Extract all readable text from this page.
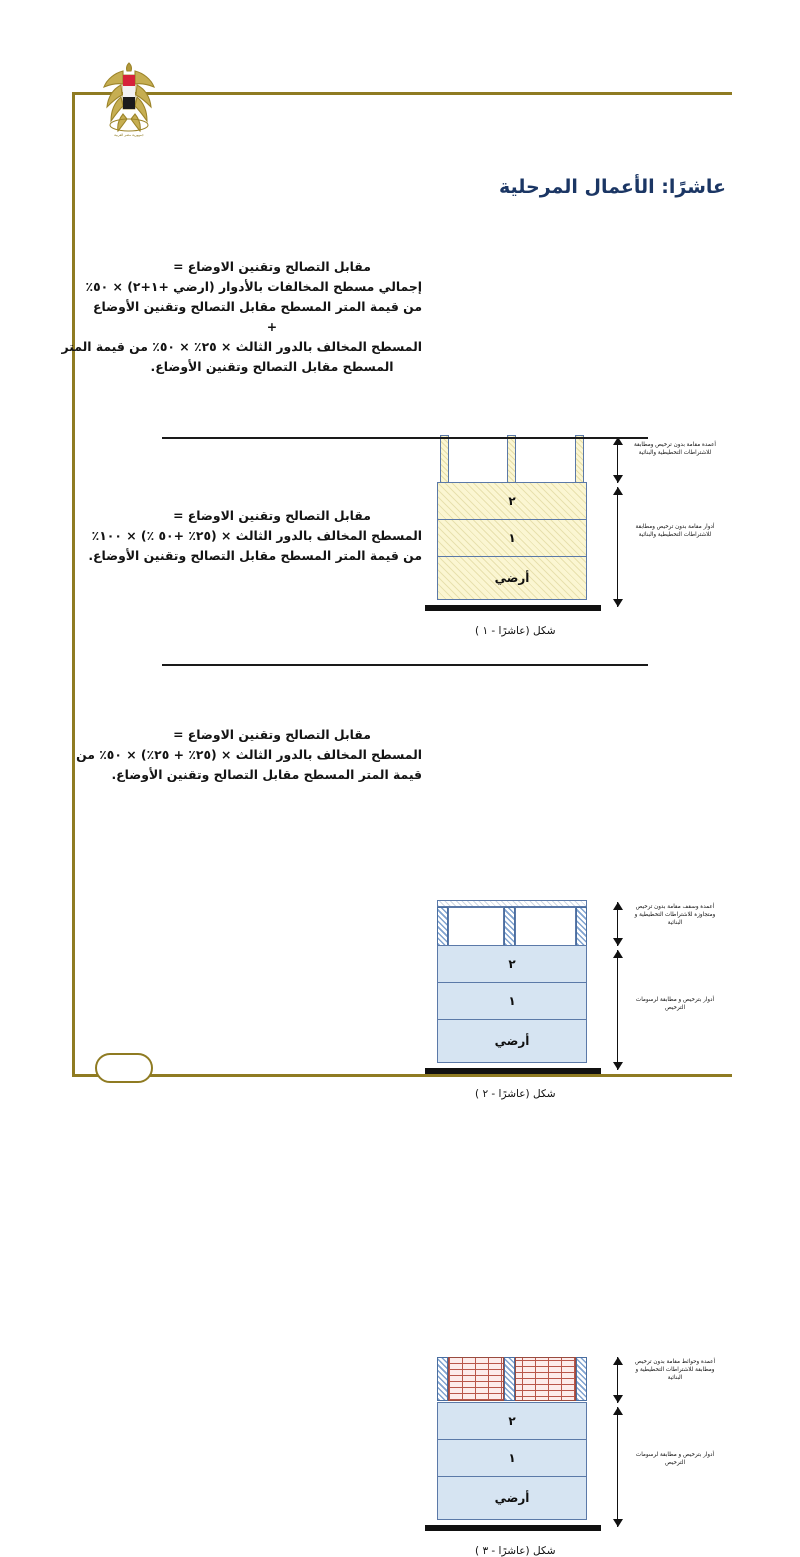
جمهورية مصر العربية
عاشرًا: الأعمال المرحلية
مقابل التصالح وتقنين الاوضاع =
إجمالي مسطح المخالفات بالأدوار (ارضي +١+٢) × ٥٠٪
من قيمة المتر المسطح مقابل التصالح وتقنين الأوضاع
+
المسطح المخالف بالدور الثالث × ٢٥٪ × ٥٠٪ من قيمة المتر
المسطح مقابل التصالح وتقنين الأوضاع.
٢
١
أرضي
أعمدة مقامة بدون ترخيص ومطابقة للاشتراطات التخطيطية والبنائية
أدوار مقامة بدون ترخيص ومطابقة للاشتراطات التخطيطية والبنائية
شكل (عاشرًا - ١ )
مقابل التصالح وتقنين الاوضاع =
المسطح المخالف بالدور الثالث × (٢٥٪ +٥٠ ٪) × ١٠٠٪
من قيمة المتر المسطح مقابل التصالح وتقنين الأوضاع.
٢
١
أرضي
أعمدة وسقف مقامة بدون ترخيص ومتجاوزة للاشتراطات التخطيطية و البنائية
أدوار بترخيص و مطابقة لرسومات الترخيص
شكل (عاشرًا - ٢ )
مقابل التصالح وتقنين الاوضاع =
المسطح المخالف بالدور الثالث × (٢٥٪ + ٢٥٪) × ٥٠٪ من
قيمة المتر المسطح مقابل التصالح وتقنين الأوضاع.
٢
١
أرضي
أعمدة وحوائط مقامة بدون ترخيص ومطابقة للاشتراطات التخطيطية و البنائية
أدوار بترخيص و مطابقة لرسومات الترخيص
شكل (عاشرًا - ٣ )
